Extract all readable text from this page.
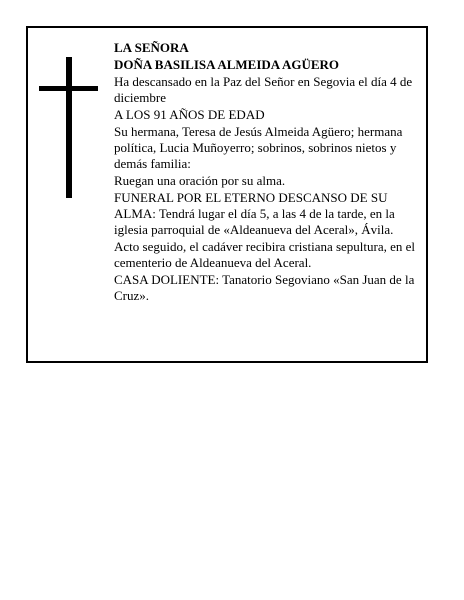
LA SEÑORA

DOÑA BASILISA ALMEIDA AGÜERO

Ha descansado en la Paz del Señor en Segovia el día 4 de diciembre

A LOS 91 AÑOS DE EDAD

Su hermana, Teresa de Jesús Almeida Agüero; hermana política, Lucia Muñoyerro; sobrinos, sobrinos nietos y demás familia:

Ruegan una oración por su alma.

FUNERAL POR EL ETERNO DESCANSO DE SU ALMA: Tendrá lugar el día 5, a las 4 de la tarde, en la iglesia parroquial de «Aldeanueva del Aceral», Ávila.

Acto seguido, el cadáver recibira cristiana sepultura, en el cementerio de Aldeanueva del Aceral.

CASA DOLIENTE: Tanatorio Segoviano «San Juan de la Cruz».
